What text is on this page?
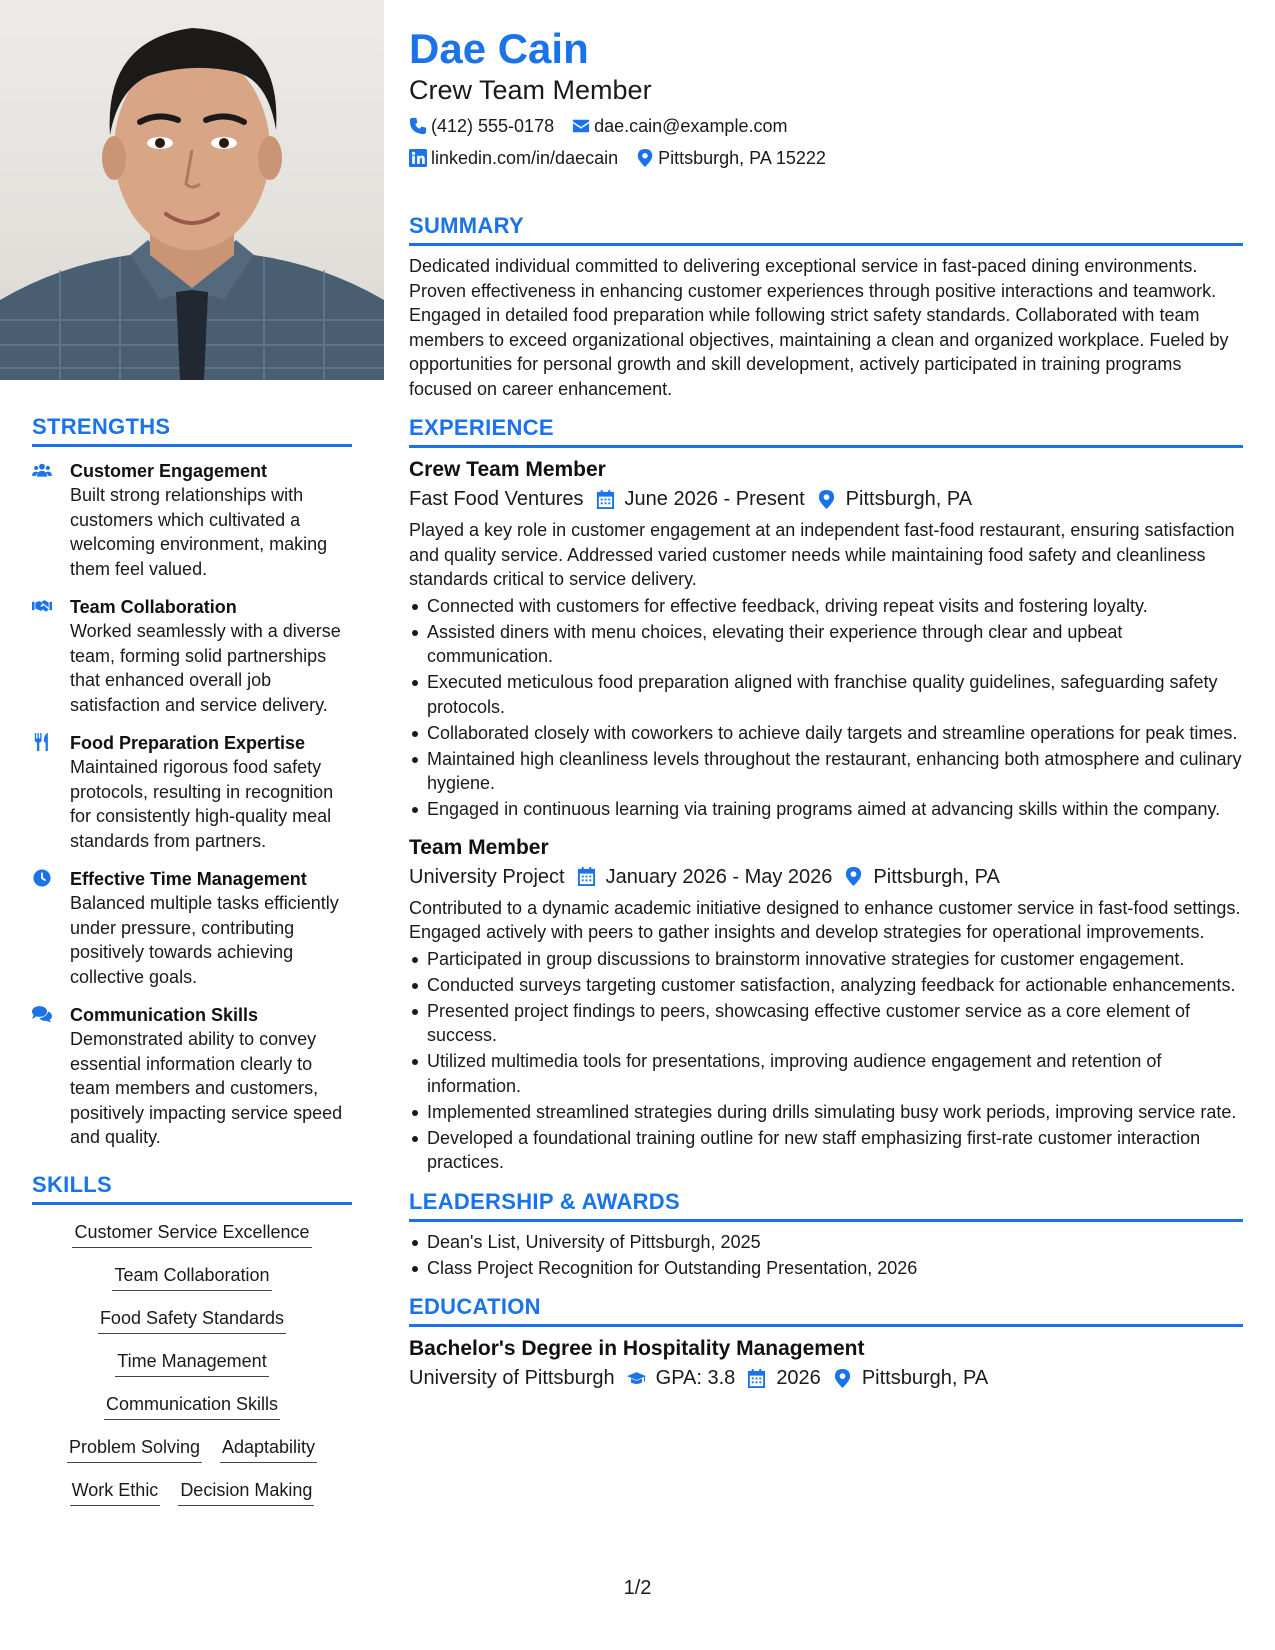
STRENGTHS
Customer Engagement
Built strong relationships with customers which cultivated a welcoming environment, making them feel valued.
Team Collaboration
Worked seamlessly with a diverse team, forming solid partnerships that enhanced overall job satisfaction and service delivery.
Food Preparation Expertise
Maintained rigorous food safety protocols, resulting in recognition for consistently high-quality meal standards from partners.
Effective Time Management
Balanced multiple tasks efficiently under pressure, contributing positively towards achieving collective goals.
Communication Skills
Demonstrated ability to convey essential information clearly to team members and customers, positively impacting service speed and quality.
SKILLS
Customer Service Excellence
Team Collaboration
Food Safety Standards
Time Management
Communication Skills
Problem Solving Adaptability
Work Ethic Decision Making
Dae Cain
Crew Team Member
(412) 555-0178 dae.cain@example.com
linkedin.com/in/daecain Pittsburgh, PA 15222
SUMMARY
Dedicated individual committed to delivering exceptional service in fast-paced dining environments. Proven effectiveness in enhancing customer experiences through positive interactions and teamwork. Engaged in detailed food preparation while following strict safety standards. Collaborated with team members to exceed organizational objectives, maintaining a clean and organized workplace. Fueled by opportunities for personal growth and skill development, actively participated in training programs focused on career enhancement.
EXPERIENCE
Crew Team Member
Fast Food Ventures June 2026 - Present Pittsburgh, PA
Played a key role in customer engagement at an independent fast-food restaurant, ensuring satisfaction and quality service. Addressed varied customer needs while maintaining food safety and cleanliness standards critical to service delivery.
Connected with customers for effective feedback, driving repeat visits and fostering loyalty.
Assisted diners with menu choices, elevating their experience through clear and upbeat communication.
Executed meticulous food preparation aligned with franchise quality guidelines, safeguarding safety protocols.
Collaborated closely with coworkers to achieve daily targets and streamline operations for peak times.
Maintained high cleanliness levels throughout the restaurant, enhancing both atmosphere and culinary hygiene.
Engaged in continuous learning via training programs aimed at advancing skills within the company.
Team Member
University Project January 2026 - May 2026 Pittsburgh, PA
Contributed to a dynamic academic initiative designed to enhance customer service in fast-food settings. Engaged actively with peers to gather insights and develop strategies for operational improvements.
Participated in group discussions to brainstorm innovative strategies for customer engagement.
Conducted surveys targeting customer satisfaction, analyzing feedback for actionable enhancements.
Presented project findings to peers, showcasing effective customer service as a core element of success.
Utilized multimedia tools for presentations, improving audience engagement and retention of information.
Implemented streamlined strategies during drills simulating busy work periods, improving service rate.
Developed a foundational training outline for new staff emphasizing first-rate customer interaction practices.
LEADERSHIP & AWARDS
Dean's List, University of Pittsburgh, 2025
Class Project Recognition for Outstanding Presentation, 2026
EDUCATION
Bachelor's Degree in Hospitality Management
University of Pittsburgh GPA: 3.8 2026 Pittsburgh, PA
1/2
